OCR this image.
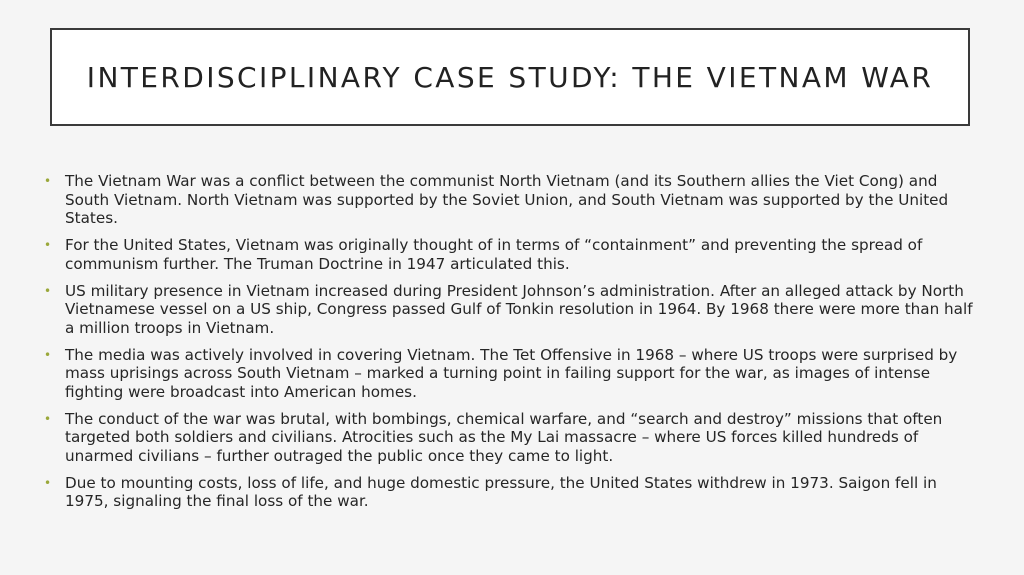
INTERDISCIPLINARY CASE STUDY: THE VIETNAM WAR
• The Vietnam War was a conflict between the communist North Vietnam (and its Southern allies the Viet Cong) and South Vietnam. North Vietnam was supported by the Soviet Union, and South Vietnam was supported by the United States.
• For the United States, Vietnam was originally thought of in terms of “containment” and preventing the spread of communism further. The Truman Doctrine in 1947 articulated this.
• US military presence in Vietnam increased during President Johnson’s administration. After an alleged attack by North Vietnamese vessel on a US ship, Congress passed Gulf of Tonkin resolution in 1964. By 1968 there were more than half a million troops in Vietnam.
• The media was actively involved in covering Vietnam. The Tet Offensive in 1968 – where US troops were surprised by mass uprisings across South Vietnam – marked a turning point in failing support for the war, as images of intense fighting were broadcast into American homes.
• The conduct of the war was brutal, with bombings, chemical warfare, and “search and destroy” missions that often targeted both soldiers and civilians. Atrocities such as the My Lai massacre – where US forces killed hundreds of unarmed civilians – further outraged the public once they came to light.
• Due to mounting costs, loss of life, and huge domestic pressure, the United States withdrew in 1973. Saigon fell in 1975, signaling the final loss of the war.
